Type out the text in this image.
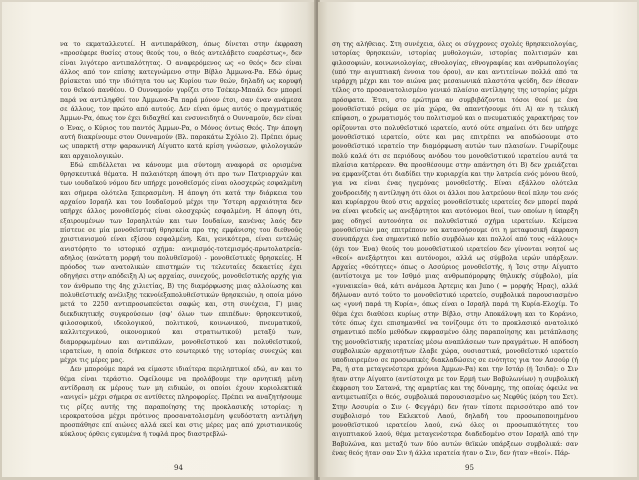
να το εκματαλλευτεί. Η αντιπαράθεση, όπως δίνεται στην έκφραση «προσέφερε θυσίες στους θεούς του, ο θεός αντελάβετο ευαρέστως», δεν είναι λιγότερο αντιπαλότητας. Ο αναφερόμενος ως «ο θεός» δεν είναι άλλος από τον επίσης κατεγνώμενο στην Βίβλο Άμμωνα-Ρα. Εδώ όμως βρίσκεται υπό την ιδιότητα του ως Κυρίου των θεών, δηλαδή ως κορυφή του θεϊκού πανθέου. Ο Ουνναμούν γυρίζει στο Τσέκερ-Μπαάλ δεν μπορεί παρά να αντιληφθεί τον Άμμωνα-Ρα παρά μόνον έτσι, σαν έναν ανάμεσα σε άλλους, τον πρώτο από αυτούς. Δεν είναι όμως αυτός ο πραγματικός Άμμων-Ρα, όπως τον έχει διδαχθεί και ενσυνειδητά ο Ουνναμούν, δεν είναι ο Ένας, ο Κύριος του παντός Άμμων-Ρα, ο Μόνος όντως Θεός. Την άποψη αυτή διακρίνουμε στον Ουνναμούν (Βλ. παρακάτω Σχόλιο 2). Πρέπει όμως ως υπαρκτή στην φαραωνική Αίγυπτο κατά κρίση γνώσεων, φιλολογικών και αρχαιολογικών.

Εδώ επιδέλλεται να κάνουμε μια σύντομη αναφορά σε ορισμένα θρησκευτικά θέματα. Η παλαιότερη άποψη ότι προ των Πατριαρχών και των ιουδαϊκού νόμου δεν υπήρχε μονοθεϊσμός είναι ολοσχερώς εσφαλμένη και σήμερα ολότελα ξεπερασμένη. Η άποψη ότι κατά την διάρκεια του αρχαίου Ισραήλ και του Ιουδαϊσμού μέχρι την Ύστερη αρχαιότητα δεν υπήρχε άλλος μονοθεϊσμός είναι ολοσχερώς εσφαλμένη. Η άποψη ότι, εξαιρουμένων των Ισραηλιτών και των Ιουδαίων, κανένας λαός δεν πίστευε σε μία μονοθεϊστική θρησκεία προ της εμφάνισης του διεθνούς χριστιανισμού είναι εξίσου εσφαλμένη. Και, γενικότερα, είναι εντελώς ανιστόρητο το ιστορικό σχήμα: ανιμισμός-τοτεμισμός-πρωτολατρεία-αδηλος (ανώτατη μορφή του πολυθεϊσμού) - μονοθεϊστικές θρησκείες. Η πρόοδος των ανατολικών επιστημών τις τελευταίες δεκαετίες έχει οδηγήσει στην απόδειξη Α) ως αρχαίας, συνεχούς, μονοθεϊστικής αρχής για τον άνθρωπο της 4ης χιλιετίας, Β) της διαμόρφωσης μιας αλλοίωσης και πολυθεϊστικής ανέλιξης τεκνοίεξαπολυθεϊστικών θρησκειών, η οποία μόνο μετά το 2250 αντιπροσωπεύεται σαφώς και, στη συνέχεια, Γ) μιας διεκδικητικής συγκρούσεων (σφ' όλων των επιπέδων: θρησκευτικού, φιλοσοφικού, ιδεολογικού, πολιτικού, κοινωνικού, πνευματικού, καλλιτεχνικού, οικονομικού και στρατιωτικού) μεταξύ των, διαμορφωμένων και αντιπάλων, μονοθεϊστικού και πολυθεϊστικού, ιερατείων, η οποία διήρκεσε στο εσωτερικό της ιστορίας συνεχώς και μέχρι τις μέρες μας.

Δεν μπορούμε παρά να είμαστε ιδιαίτερα περιληπτικοί εδώ, αν και το θέμα είναι τεράστιο. Οφείλουμε να προλάβουμε την αρνητική μένη αντίδραση εκ μέρους των μη ειδικών, οι οποίοι έχουν κυριολεκτικά «ανιγεί» μέχρι σήμερα σε αντίθετες πληροφορίες. Πρέπει να αναζητήσουμε τις ρίζες αυτής της παραποίησης της προκλασικής ιστορίας: η ιεροκρατούσα μέχρι πρότινος προσανατολισμένη ψευδόστατη αντιλήψη προσπάθησε επί αιώνες αλλά εκεί και στις μέρες μας από χριστιανικούς κύκλους όρθεις εγκυμένα ή τυφλά προς διαστρεβλώ-

94

ση της αλήθειας. Στη συνέχεια, όλες οι σύγχρονες σχολές θρησκειολογίας, ιστορίας θρησκειών, ιστορίας μυθολογιών, ιστορίας πολιτισμών και φιλοσοφιών, κοινωνιολογίας, εθνολογίας, εθνογραφίας και ανθρωπολογίας (υπό την αιγυπτιακή έννοια του όρου), αν και αντιτείνων πολλά από τα ιεράρχη μέχρι και τον αιώνα μας μεσαιωνικά πλαστότα ψεύδη, δεν έθεσαν τέλος στο προσανατολισμένο γενικό πλαίσιο αντίληψης της ιστορίας μέχρι πρόσφατα. Έτσι, στο ερώτημα αν συμβιβάζονται τόσοι θεοί με ένα μονοθεϊστικό ρεύμα σε μία χώρα, θα απαντήσουμε ότι Α) αν η τελική επίφαση, ο χρωματισμός του πολιτισμού και ο πνευματικός χαρακτήρας τον ορίζουνται στο πολυθεϊστικό ιερατείο, αυτό ούτε σημαίνει ότι δεν υπήρχε μονοθεϊστικό ιερατείο, ούτε και μας επιτρέπει να αποδώσουμε στο μονοθεϊστικό ιερατείο την διαμόρφωση αυτών των πλαισίων. Γνωρίζουμε πολύ καλά ότι σε περιόδους ανόδου του μονοθεϊστικού ιερατείου αυτά τα πλαίσια κατέρρεαν. Θα προσθέσουμε στην απάντηση ότι Β) δεν χρειάζεται να εμφανίζεται ότι διαδίδει την κυριαρχία και την λατρεία ενός μόνου θεού, για να είναι ένας ηγεμόνας μονοθεϊστής. Είναι εξάλλου ολότελα χονδροειδής η αντίληψη ότι όλοι οι άλλοι που λατρεύουν θεοί πλην του ενός και κυρίαρχου θεού στις αρχαίες μονοθεϊστικές ιερατείες δεν μπορεί παρά να είναι ψευδείς ως ανεξάρτητοι και αυτόνομοι θεοί, των οποίων η ύπαρξη μας οδηγεί αυτονόητα σε πολυθεϊστικό σχήμα ιερατείων. Κείμενα μονοθεϊστών μας επιτρέπουν να κατανοήσουμε ότι η μεταφυσική έκφραση συνυπάρχει ένα σημαντικό πεδίο συμβόλων και πολλοί από τους «άλλους» (όχι τον Ένα) θεούς του μονοθεϊστικού ιερατείου δεν γίνονται νοητοί ως «θεοί» ανεξάρτητοι και αυτόνομοι, αλλά ως σύμβολα ιερών υπάρξεων. Αρχαίες «θεότητες» όπως ο Ασσύριος μονοθεϊστής, ή Ίσις στην Αίγυπτο (αντίστοιχα με τον Ισθμό μιας ανθρωπόμορφης θηλυκής σύμβολο), μία «γυναικεία» θεά, κάτι ανάμεσα Άρτεμις και Juno ( = μορφής Ήρας), αλλά δήλωναν αυτό τούτο το μονοθεϊστικό ιερατείο, συμβολικά παρουσιασμένο ως «γυνή παρά τη Κυρία», όπως είναι ο Ισραήλ παρά τη Κυρία-Ελοχίμ. Το θέμα έχει διαθέσει κυρίως στην Βίβλο, στην Αποκάλυψη και το Κοράνιο, τότε όπως έχει επισημανθεί να τονίζουμε ότι το προκλασικό ανατολικό σημαντικό πεδίο μεθόδων εκφρασμένο όλης παραποίησης και μετάπλασης της μονοθεϊστικής ιερατείας μέσω αναπλάσεων των πραγμάτων. Η απόδοση συμβολικών αρχαιοτήτων έλαβε χώρα, ουσιαστικά, μονοθεϊστικό ιερατείο υποδιαιρεμένο σε προσωπικές διακλαδώσεις σε ενότητες για τον Ασσούρ (ή Ρα, ή στα μεταγενέστερα χρόνια Άμμων-Ρα) και την Ιστάρ (ή Ίσιδα): ο Σιν ήταν στην Αίγυπτο (αντίστοιχα με τον Ερμή των Βαβυλωνίων) η συμβολική έκφραση του Σατανά, της αμαρτίας και της δύναμης, της οποίας όφειλε να αντιμετωπίζει ο θεός, συμβολικά παρουσιασμένο ως Νεφθύς (κόρη του Σετ). Στην Ασσυρία ο Σιν (- Φεγγάρι) δεν ήταν τίποτε περισσότερο από τον συμβολισμό του Εκλεκτού Λαού, δηλαδή του προσωποποιημένου μονοθεϊστικού ιερατείου λαού, ενώ όλες οι προσωπικότητες του αιγυπτιακού λαού, θέμα μεταγενέστερα διαδεδομένο στον Ισραήλ από την Βαβυλώνα, και μεταξύ των δύο αυτών θεϊκών υπάρξεων συμβολικά: σαν ένας θεός ήταν σαν Σιν ή άλλα ιερατεία ήταν ο Σιν, δεν ήταν «θεοί». Πάρ-

95
